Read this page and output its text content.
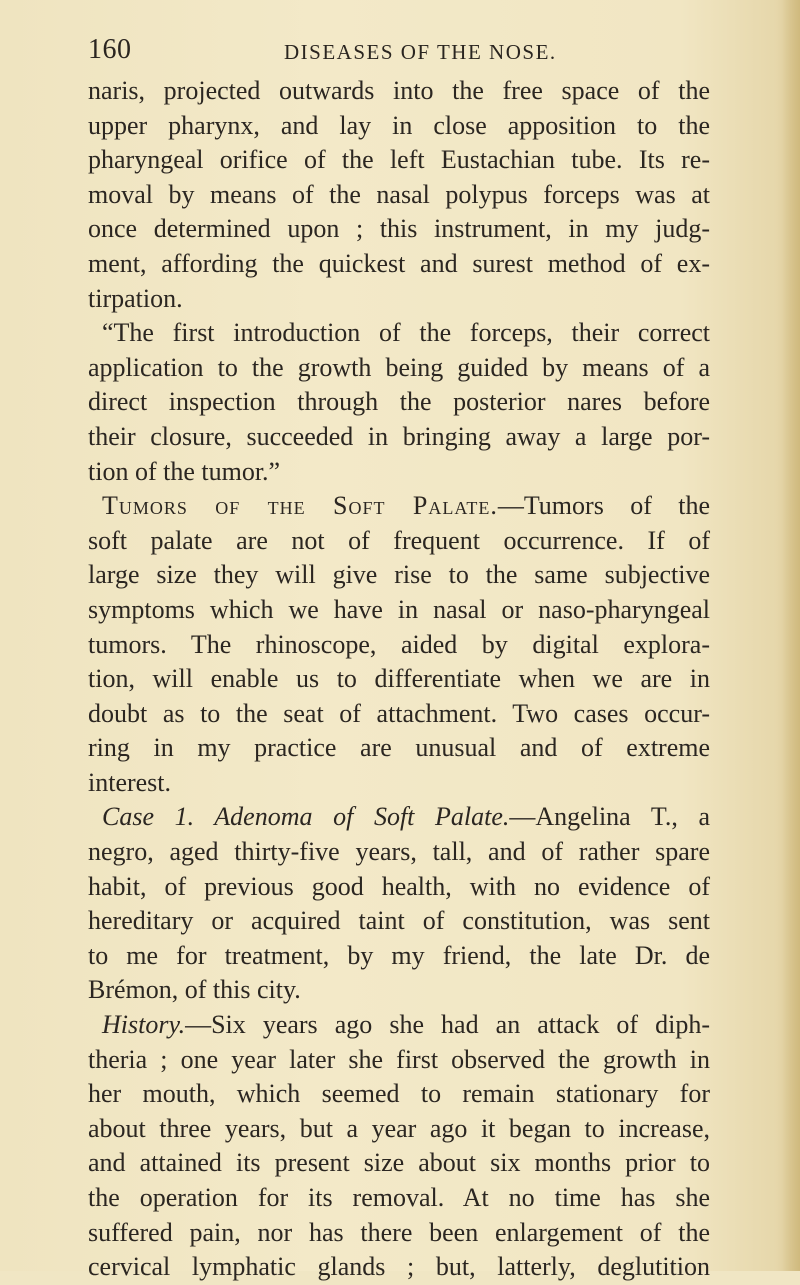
160	DISEASES OF THE NOSE.
naris, projected outwards into the free space of the
upper pharynx, and lay in close apposition to the
pharyngeal orifice of the left Eustachian tube. Its re-
moval by means of the nasal polypus forceps was at
once determined upon ; this instrument, in my judg-
ment, affording the quickest and surest method of ex-
tirpation.
“The first introduction of the forceps, their correct
application to the growth being guided by means of a
direct inspection through the posterior nares before
their closure, succeeded in bringing away a large por-
tion of the tumor.”
Tumors of the Soft Palate.—Tumors of the
soft palate are not of frequent occurrence. If of
large size they will give rise to the same subjective
symptoms which we have in nasal or naso-pharyngeal
tumors. The rhinoscope, aided by digital explora-
tion, will enable us to differentiate when we are in
doubt as to the seat of attachment. Two cases occur-
ring in my practice are unusual and of extreme
interest.
Case 1. Adenoma of Soft Palate.—Angelina T., a
negro, aged thirty-five years, tall, and of rather spare
habit, of previous good health, with no evidence of
hereditary or acquired taint of constitution, was sent
to me for treatment, by my friend, the late Dr. de
Brémon, of this city.
History.—Six years ago she had an attack of diph-
theria ; one year later she first observed the growth in
her mouth, which seemed to remain stationary for
about three years, but a year ago it began to increase,
and attained its present size about six months prior to
the operation for its removal. At no time has she
suffered pain, nor has there been enlargement of the
cervical lymphatic glands ; but, latterly, deglutition
